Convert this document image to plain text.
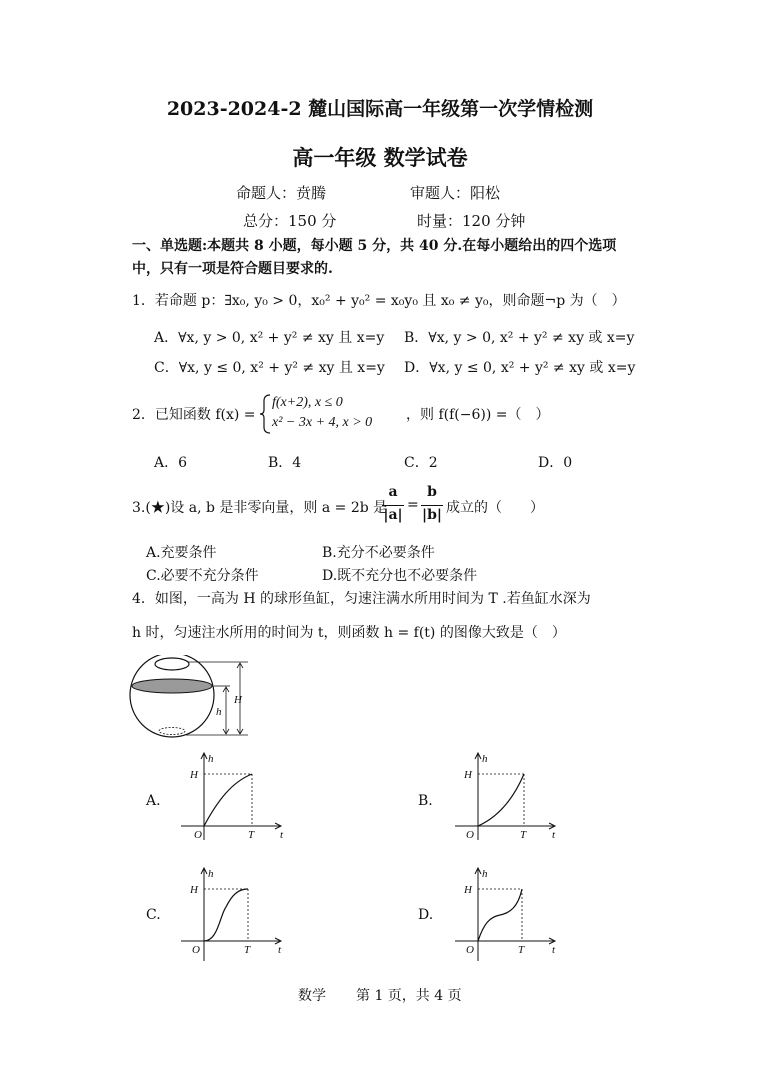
2023-2024-2 麓山国际高一年级第一次学情检测
高一年级 数学试卷
命题人：贲腾	审题人：阳松
总分：150 分	时量：120 分钟
一、单选题:本题共 8 小题，每小题 5 分，共 40 分.在每小题给出的四个选项中，只有一项是符合题目要求的.
1．若命题 p：∃x₀, y₀ > 0，x₀² + y₀² = x₀y₀ 且 x₀ ≠ y₀，则命题¬p 为（　）
A．∀x, y > 0, x² + y² ≠ xy 且 x=y B．∀x, y > 0, x² + y² ≠ xy 或 x=y
C．∀x, y ≤ 0, x² + y² ≠ xy 且 x=y D．∀x, y ≤ 0, x² + y² ≠ xy 或 x=y
2．已知函数 f(x) =
f(x+2), x ≤ 0
x² − 3x + 4, x > 0 ，则 f(f(−6)) =（　）
A．6	B．4	C．2	D．0
3.(★)设 a, b 是非零向量，则 a = 2b 是
a
|a|
=
b
|b| 成立的（　　）
A.充要条件	B.充分不必要条件
C.必要不充分条件	D.既不充分也不必要条件
4．如图，一高为 H 的球形鱼缸，匀速注满水所用时间为 T .若鱼缸水深为
h 时，匀速注水所用的时间为 t，则函数 h = f(t) 的图像大致是（　）
H
h
A.	B.
C.	D.
h
H
O	T t
h
H
O	T t
h
H
O	T	t
h
H
O	T	t
数学 第 1 页，共 4 页
